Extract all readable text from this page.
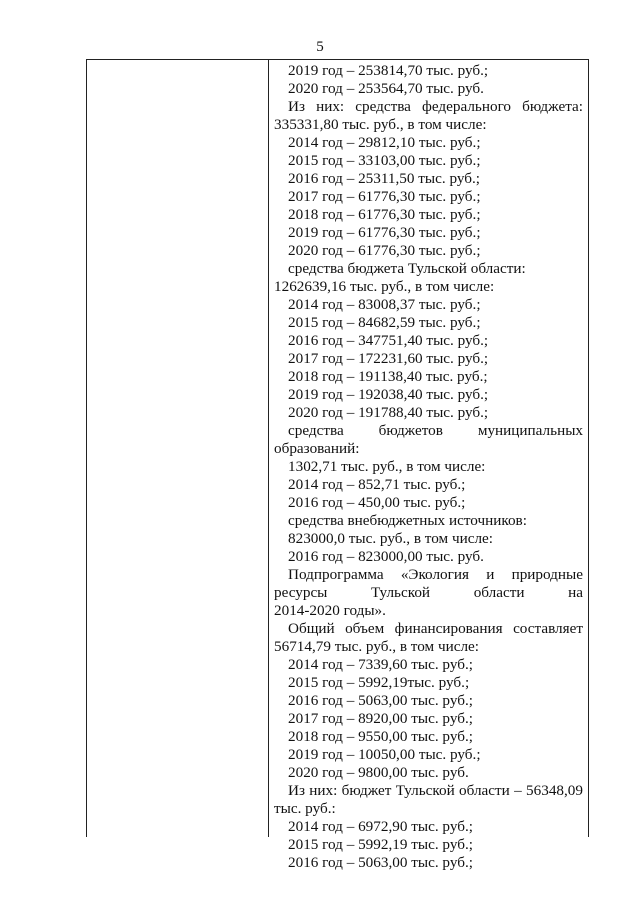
5
2019 год – 253814,70 тыс. руб.;
2020 год – 253564,70 тыс. руб.
Из них: средства федерального бюджета:
335331,80 тыс. руб., в том числе:
2014 год – 29812,10 тыс. руб.;
2015 год – 33103,00 тыс. руб.;
2016 год – 25311,50 тыс. руб.;
2017 год – 61776,30 тыс. руб.;
2018 год – 61776,30 тыс. руб.;
2019 год – 61776,30 тыс. руб.;
2020 год – 61776,30 тыс. руб.;
средства бюджета Тульской области:
1262639,16 тыс. руб., в том числе:
2014 год – 83008,37 тыс. руб.;
2015 год – 84682,59 тыс. руб.;
2016 год – 347751,40 тыс. руб.;
2017 год – 172231,60 тыс. руб.;
2018 год – 191138,40 тыс. руб.;
2019 год – 192038,40 тыс. руб.;
2020 год – 191788,40 тыс. руб.;
средства бюджетов муниципальных
образований:
1302,71 тыс. руб., в том числе:
2014 год – 852,71 тыс. руб.;
2016 год – 450,00 тыс. руб.;
средства внебюджетных источников:
823000,0 тыс. руб., в том числе:
2016 год – 823000,00 тыс. руб.
Подпрограмма «Экология и природные
ресурсы	Тульской	области	на
2014-2020 годы».
Общий объем финансирования составляет
56714,79 тыс. руб., в том числе:
2014 год – 7339,60 тыс. руб.;
2015 год – 5992,19тыс. руб.;
2016 год – 5063,00 тыс. руб.;
2017 год – 8920,00 тыс. руб.;
2018 год – 9550,00 тыс. руб.;
2019 год – 10050,00 тыс. руб.;
2020 год – 9800,00 тыс. руб.
Из них: бюджет Тульской области – 56348,09
тыс. руб.:
2014 год – 6972,90 тыс. руб.;
2015 год – 5992,19 тыс. руб.;
2016 год – 5063,00 тыс. руб.;
